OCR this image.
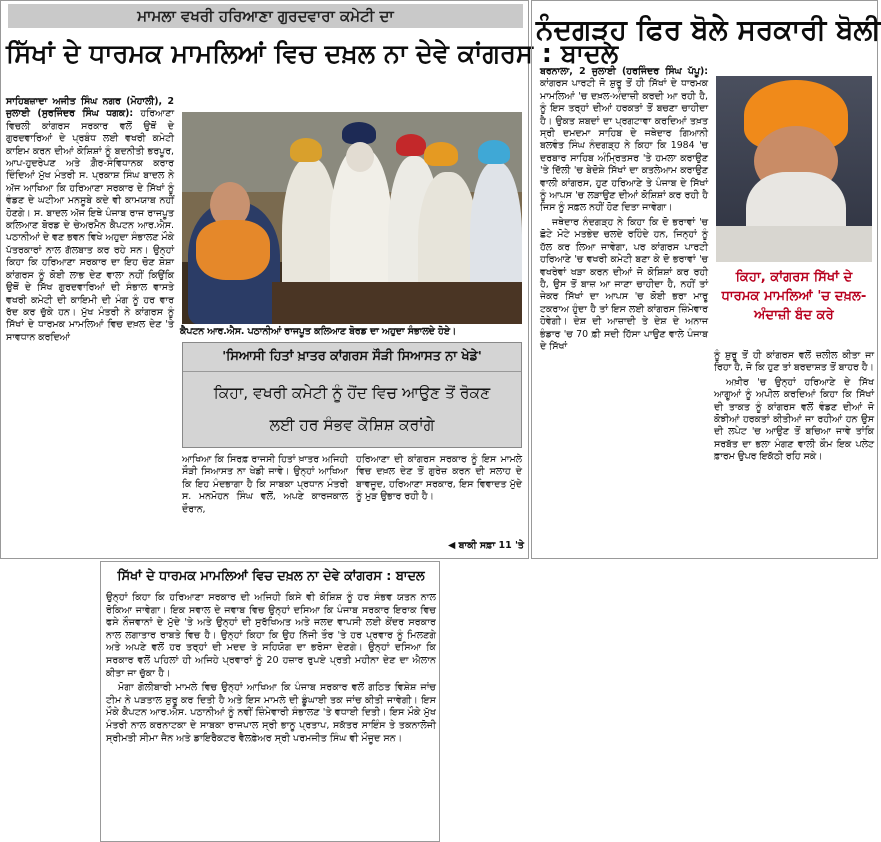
ਮਾਮਲਾ ਵਖਰੀ ਹਰਿਆਣਾ ਗੁਰਦਵਾਰਾ ਕਮੇਟੀ ਦਾ
ਸਿੱਖਾਂ ਦੇ ਧਾਰਮਕ ਮਾਮਲਿਆਂ ਵਿਚ ਦਖ਼ਲ ਨਾ ਦੇਵੇ ਕਾਂਗਰਸ : ਬਾਦਲ

ਸਾਹਿਬਜ਼ਾਦਾ ਅਜੀਤ ਸਿੰਘ ਨਗਰ (ਮੋਹਾਲੀ), 2 ਜੁਲਾਈ (ਸੁਰਜਿੰਦਰ ਸਿੰਘ ਧਗਕ): ਹਰਿਆਣਾ ਵਿਚਲੀ ਕਾਂਗਰਸ ਸਰਕਾਰ ਵਲੋਂ ਉਥੋਂ ਦੇ ਗੁਰਦਵਾਰਿਆਂ ਦੇ ਪ੍ਰਬੰਧ ਲਈ ਵਖਰੀ ਕਮੇਟੀ ਕਾਇਮ ਕਰਨ ਦੀਆਂ ਕੋਸ਼ਿਸ਼ਾਂ ਨੂੰ ਬਦਨੀਤੀ ਭਰਪੂਰ, ਆਪ-ਹੁਦਰੇਪਣ ਅਤੇ ਗ਼ੈਰ-ਸੰਵਿਧਾਨਕ ਕਰਾਰ ਦਿੰਦਿਆਂ ਮੁੱਖ ਮੰਤਰੀ ਸ. ਪ੍ਰਕਾਸ਼ ਸਿੰਘ ਬਾਦਲ ਨੇ ਅੱਜ ਆਖਿਆ ਕਿ ਹਰਿਆਣਾ ਸਰਕਾਰ ਦੇ ਸਿੱਖਾਂ ਨੂੰ ਵੰਡਣ ਦੇ ਘਟੀਆ ਮਨਸੂਬੇ ਕਦੇ ਵੀ ਕਾਮਯਾਬ ਨਹੀਂ ਹੋਣਗੇ। ਸ. ਬਾਦਲ ਅੱਜ ਇਥੇ ਪੰਜਾਬ ਰਾਜ ਰਾਜਪੂਤ ਕਲਿਆਣ ਬੋਰਡ ਦੇ ਚੇਅਰਮੈਨ ਕੈਪਟਨ ਆਰ.ਐਸ. ਪਠਾਨੀਆਂ ਦੇ ਵਣ ਭਵਨ ਵਿਖੇ ਅਹੁਦਾ ਸੰਭਾਲਣ ਮੌਕੇ ਪੱਤਰਕਾਰਾਂ ਨਾਲ ਗੱਲਬਾਤ ਕਰ ਰਹੇ ਸਨ। ਉਨ੍ਹਾਂ ਕਿਹਾ ਕਿ ਹਰਿਆਣਾ ਸਰਕਾਰ ਦਾ ਇਹ ਚੋਣ ਸ਼ੋਸ਼ਾ ਕਾਂਗਰਸ ਨੂੰ ਕੋਈ ਲਾਭ ਦੇਣ ਵਾਲਾ ਨਹੀਂ ਕਿਉਂਕਿ ਉਥੋਂ ਦੇ ਸਿੱਖ ਗੁਰਦਵਾਰਿਆਂ ਦੀ ਸੰਭਾਲ ਵਾਸਤੇ ਵਖਰੀ ਕਮੇਟੀ ਦੀ ਕਾਇਮੀ ਦੀ ਮੰਗ ਨੂੰ ਹਰ ਵਾਰ ਰੱਦ ਕਰ ਚੁੱਕੇ ਹਨ। ਮੁੱਖ ਮੰਤਰੀ ਨੇ ਕਾਂਗਰਸ ਨੂੰ ਸਿੱਖਾਂ ਦੇ ਧਾਰਮਕ ਮਾਮਲਿਆਂ ਵਿਚ ਦਖ਼ਲ ਦੇਣ 'ਤੇ ਸਾਵਧਾਨ ਕਰਦਿਆਂ

ਕੈਪਟਨ ਆਰ.ਐਸ. ਪਠਾਨੀਆਂ ਰਾਜਪੂਤ ਕਲਿਆਣ ਬੋਰਡ ਦਾ ਅਹੁਦਾ ਸੰਭਾਲਦੇ ਹੋਏ।
'ਸਿਆਸੀ ਹਿਤਾਂ ਖ਼ਾਤਰ ਕਾਂਗਰਸ ਸੌੜੀ ਸਿਆਸਤ ਨਾ ਖੇਡੇ'
ਕਿਹਾ, ਵਖਰੀ ਕਮੇਟੀ ਨੂੰ ਹੋਂਦ ਵਿਚ ਆਉਣ ਤੋਂ ਰੋਕਣ
ਲਈ ਹਰ ਸੰਭਵ ਕੋਸ਼ਿਸ਼ ਕਰਾਂਗੇ

ਆਖਿਆ ਕਿ ਸਿਰਫ਼ ਰਾਜਸੀ ਹਿਤਾਂ ਖ਼ਾਤਰ ਅਜਿਹੀ ਸੌੜੀ ਸਿਆਸਤ ਨਾ ਖੇਡੀ ਜਾਵੇ। ਉਨ੍ਹਾਂ ਆਖਿਆ ਕਿ ਇਹ ਮੰਦਭਾਗਾ ਹੈ ਕਿ ਸਾਬਕਾ ਪ੍ਰਧਾਨ ਮੰਤਰੀ ਸ. ਮਨਮੋਹਨ ਸਿੰਘ ਵਲੋਂ, ਅਪਣੇ ਕਾਰਜਕਾਲ ਦੌਰਾਨ,

ਹਰਿਆਣਾ ਦੀ ਕਾਂਗਰਸ ਸਰਕਾਰ ਨੂੰ ਇਸ ਮਾਮਲੇ ਵਿਚ ਦਖ਼ਲ ਦੇਣ ਤੋਂ ਗੁਰੇਜ਼ ਕਰਨ ਦੀ ਸਲਾਹ ਦੇ ਬਾਵਜੂਦ, ਹਰਿਆਣਾ ਸਰਕਾਰ, ਇਸ ਵਿਵਾਦਤ ਮੁੱਦੇ ਨੂੰ ਮੁੜ ਉਭਾਰ ਰਹੀ ਹੈ।

◀ ਬਾਕੀ ਸਫ਼ਾ 11 'ਤੇ
ਨੰਦਗੜ੍ਹ ਫਿਰ ਬੋਲੇ ਸਰਕਾਰੀ ਬੋਲੀ

ਬਰਨਾਲਾ, 2 ਜੁਲਾਈ (ਹਰਜਿੰਦਰ ਸਿੰਘ ਪੱਪੂ): ਕਾਂਗਰਸ ਪਾਰਟੀ ਜੋ ਸ਼ੁਰੂ ਤੋਂ ਹੀ ਸਿੱਖਾਂ ਦੇ ਧਾਰਮਕ ਮਾਮਲਿਆਂ 'ਚ ਦਖ਼ਲ-ਅੰਦਾਜ਼ੀ ਕਰਦੀ ਆ ਰਹੀ ਹੈ, ਨੂੰ ਇਸ ਤਰ੍ਹਾਂ ਦੀਆਂ ਹਰਕਤਾਂ ਤੋਂ ਬਚਣਾ ਚਾਹੀਦਾ ਹੈ। ਉਕਤ ਸ਼ਬਦਾਂ ਦਾ ਪ੍ਰਗਟਾਵਾ ਕਰਦਿਆਂ ਤਖ਼ਤ ਸ੍ਰੀ ਦਮਦਮਾ ਸਾਹਿਬ ਦੇ ਜਥੇਦਾਰ ਗਿਆਨੀ ਬਲਵੰਤ ਸਿੰਘ ਨੰਦਗੜ੍ਹ ਨੇ ਕਿਹਾ ਕਿ 1984 'ਚ ਦਰਬਾਰ ਸਾਹਿਬ ਅੰਮ੍ਰਿਤਸਰ 'ਤੇ ਹਮਲਾ ਕਰਾਉਣ 'ਤੇ ਦਿੱਲੀ 'ਚ ਬੇਦੋਸ਼ੇ ਸਿੱਖਾਂ ਦਾ ਕਤਲੇਆਮ ਕਰਾਉਣ ਵਾਲੀ ਕਾਂਗਰਸ, ਹੁਣ ਹਰਿਆਣੇ ਤੇ ਪੰਜਾਬ ਦੇ ਸਿੱਖਾਂ ਨੂੰ ਆਪਸ 'ਚ ਲੜਾਉਣ ਦੀਆਂ ਕੋਸ਼ਿਸ਼ਾਂ ਕਰ ਰਹੀ ਹੈ ਜਿਸ ਨੂੰ ਸਫ਼ਲ ਨਹੀਂ ਹੋਣ ਦਿਤਾ ਜਾਵੇਗਾ।

ਜਥੇਦਾਰ ਨੰਦਗੜ੍ਹ ਨੇ ਕਿਹਾ ਕਿ ਦੋ ਭਰਾਵਾਂ 'ਚ ਛੋਟੇ ਮੋਟੇ ਮਤਭੇਦ ਚਲਦੇ ਰਹਿੰਦੇ ਹਨ, ਜਿਨ੍ਹਾਂ ਨੂੰ ਹੱਲ ਕਰ ਲਿਆ ਜਾਵੇਗਾ, ਪਰ ਕਾਂਗਰਸ ਪਾਰਟੀ ਹਰਿਆਣੇ 'ਚ ਵਖਰੀ ਕਮੇਟੀ ਬਣਾ ਕੇ ਦੋ ਭਰਾਵਾਂ 'ਚ ਵਖਰੇਵਾਂ ਖੜਾ ਕਰਨ ਦੀਆਂ ਜੋ ਕੋਸ਼ਿਸ਼ਾਂ ਕਰ ਰਹੀ ਹੈ, ਉਸ ਤੋਂ ਬਾਜ਼ ਆ ਜਾਣਾ ਚਾਹੀਦਾ ਹੈ, ਨਹੀਂ ਤਾਂ ਜੇਕਰ ਸਿੱਖਾਂ ਦਾ ਆਪਸ 'ਚ ਕੋਈ ਭਰਾ ਮਾਰੂ ਟਕਰਾਅ ਹੁੰਦਾ ਹੈ ਤਾਂ ਇਸ ਲਈ ਕਾਂਗਰਸ ਜ਼ਿੰਮੇਵਾਰ ਹੋਵੇਗੀ। ਦੇਸ਼ ਦੀ ਆਜ਼ਾਦੀ ਤੇ ਦੇਸ਼ ਦੇ ਅਨਾਜ ਭੰਡਾਰ 'ਚ 70 ਫ਼ੀ ਸਦੀ ਹਿੱਸਾ ਪਾਉਣ ਵਾਲੇ ਪੰਜਾਬ ਦੇ ਸਿੱਖਾਂ

ਕਿਹਾ, ਕਾਂਗਰਸ ਸਿੱਖਾਂ ਦੇ ਧਾਰਮਕ ਮਾਮਲਿਆਂ 'ਚ ਦਖ਼ਲ-ਅੰਦਾਜ਼ੀ ਬੰਦ ਕਰੇ

ਨੂੰ ਸ਼ੁਰੂ ਤੋਂ ਹੀ ਕਾਂਗਰਸ ਵਲੋਂ ਜ਼ਲੀਲ ਕੀਤਾ ਜਾ ਰਿਹਾ ਹੈ, ਜੋ ਕਿ ਹੁਣ ਤਾਂ ਬਰਦਾਸ਼ਤ ਤੋਂ ਬਾਹਰ ਹੈ।

ਅਖ਼ੀਰ 'ਚ ਉਨ੍ਹਾਂ ਹਰਿਆਣੇ ਦੇ ਸਿੱਖ ਆਗੂਆਂ ਨੂੰ ਅਪੀਲ ਕਰਦਿਆਂ ਕਿਹਾ ਕਿ ਸਿੱਖਾਂ ਦੀ ਤਾਕਤ ਨੂੰ ਕਾਂਗਰਸ ਵਲੋਂ ਵੰਡਣ ਦੀਆਂ ਜੋ ਕੋਝੀਆਂ ਹਰਕਤਾਂ ਕੀਤੀਆਂ ਜਾ ਰਹੀਆਂ ਹਨ ਉਸ ਦੀ ਲਪੇਟ 'ਚ ਆਉਣ ਤੋਂ ਬਚਿਆ ਜਾਵੇ ਤਾਂਕਿ ਸਰਬੱਤ ਦਾ ਭਲਾ ਮੰਗਣ ਵਾਲੀ ਕੌਮ ਇਕ ਪਲੇਟ ਫ਼ਾਰਮ ਉਪਰ ਇਕੱਠੀ ਰਹਿ ਸਕੇ।

ਸਿੱਖਾਂ ਦੇ ਧਾਰਮਕ ਮਾਮਲਿਆਂ ਵਿਚ ਦਖ਼ਲ ਨਾ ਦੇਵੇ ਕਾਂਗਰਸ : ਬਾਦਲ

ਉਨ੍ਹਾਂ ਕਿਹਾ ਕਿ ਹਰਿਆਣਾ ਸਰਕਾਰ ਦੀ ਅਜਿਹੀ ਕਿਸੇ ਵੀ ਕੋਸ਼ਿਸ਼ ਨੂੰ ਹਰ ਸੰਭਵ ਯਤਨ ਨਾਲ ਰੋਕਿਆ ਜਾਵੇਗਾ। ਇਕ ਸਵਾਲ ਦੇ ਜਵਾਬ ਵਿਚ ਉਨ੍ਹਾਂ ਦਸਿਆ ਕਿ ਪੰਜਾਬ ਸਰਕਾਰ ਇਰਾਕ ਵਿਚ ਫਸੇ ਨੌਜਵਾਨਾਂ ਦੇ ਮੁੱਦੇ 'ਤੇ ਅਤੇ ਉਨ੍ਹਾਂ ਦੀ ਸੁਰੱਖਿਅਤ ਅਤੇ ਜਲਦ ਵਾਪਸੀ ਲਈ ਕੇਂਦਰ ਸਰਕਾਰ ਨਾਲ ਲਗਾਤਾਰ ਰਾਬਤੇ ਵਿਚ ਹੈ। ਉਨ੍ਹਾਂ ਕਿਹਾ ਕਿ ਉਹ ਨਿੱਜੀ ਤੌਰ 'ਤੇ ਹਰ ਪ੍ਰਵਾਰ ਨੂੰ ਮਿਲਣਗੇ ਅਤੇ ਅਪਣੇ ਵਲੋਂ ਹਰ ਤਰ੍ਹਾਂ ਦੀ ਮਦਦ ਤੇ ਸਹਿਯੋਗ ਦਾ ਭਰੋਸਾ ਦੇਣਗੇ। ਉਨ੍ਹਾਂ ਦਸਿਆ ਕਿ ਸਰਕਾਰ ਵਲੋਂ ਪਹਿਲਾਂ ਹੀ ਅਜਿਹੇ ਪ੍ਰਵਾਰਾਂ ਨੂੰ 20 ਹਜ਼ਾਰ ਰੁਪਏ ਪ੍ਰਤੀ ਮਹੀਨਾ ਦੇਣ ਦਾ ਐਲਾਨ ਕੀਤਾ ਜਾ ਚੁੱਕਾ ਹੈ।

ਮੋਗਾ ਗੋਲੀਬਾਰੀ ਮਾਮਲੇ ਵਿਚ ਉਨ੍ਹਾਂ ਆਖਿਆ ਕਿ ਪੰਜਾਬ ਸਰਕਾਰ ਵਲੋਂ ਗਠਿਤ ਵਿਸ਼ੇਸ਼ ਜਾਂਚ ਟੀਮ ਨੇ ਪੜਤਾਲ ਸ਼ੁਰੂ ਕਰ ਦਿਤੀ ਹੈ ਅਤੇ ਇਸ ਮਾਮਲੇ ਦੀ ਡੂੰਘਾਈ ਤਕ ਜਾਂਚ ਕੀਤੀ ਜਾਵੇਗੀ। ਇਸ ਮੌਕੇ ਕੈਪਟਨ ਆਰ.ਐਸ. ਪਠਾਨੀਆਂ ਨੂੰ ਨਵੀਂ ਜ਼ਿੰਮੇਵਾਰੀ ਸੰਭਾਲਣ 'ਤੇ ਵਧਾਈ ਦਿਤੀ। ਇਸ ਮੌਕੇ ਮੁੱਖ ਮੰਤਰੀ ਨਾਲ ਕਰਨਾਟਕਾ ਦੇ ਸਾਬਕਾ ਰਾਜਪਾਲ ਸ੍ਰੀ ਭਾਨੂ ਪ੍ਰਤਾਪ, ਸਕੱਤਰ ਸਾਇੰਸ ਤੇ ਤਕਨਾਲੋਜੀ ਸ੍ਰੀਮਤੀ ਸੀਮਾ ਜੈਨ ਅਤੇ ਡਾਇਰੈਕਟਰ ਵੈਲਫ਼ੇਅਰ ਸ੍ਰੀ ਪਰਮਜੀਤ ਸਿੰਘ ਵੀ ਮੌਜੂਦ ਸਨ।
